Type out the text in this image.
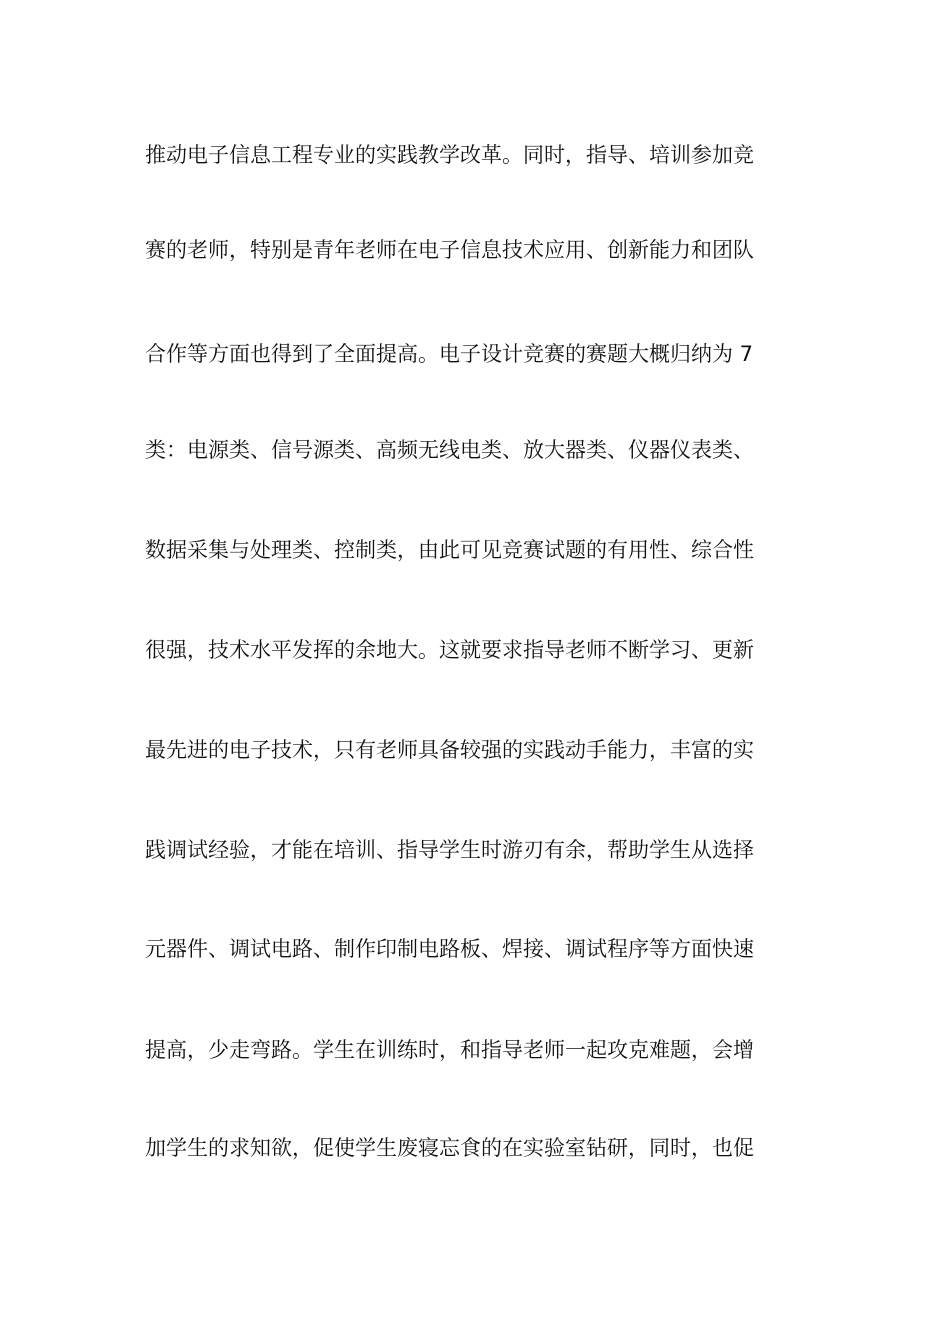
推动电子信息工程专业的实践教学改革。同时，指导、培训参加竞
赛的老师，特别是青年老师在电子信息技术应用、创新能力和团队
合作等方面也得到了全面提高。电子设计竞赛的赛题大概归纳为 7
类：电源类、信号源类、高频无线电类、放大器类、仪器仪表类、
数据采集与处理类、控制类，由此可见竞赛试题的有用性、综合性
很强，技术水平发挥的余地大。这就要求指导老师不断学习、更新
最先进的电子技术，只有老师具备较强的实践动手能力，丰富的实
践调试经验，才能在培训、指导学生时游刃有余，帮助学生从选择
元器件、调试电路、制作印制电路板、焊接、调试程序等方面快速
提高，少走弯路。学生在训练时，和指导老师一起攻克难题，会增
加学生的求知欲，促使学生废寝忘食的在实验室钻研，同时，也促
